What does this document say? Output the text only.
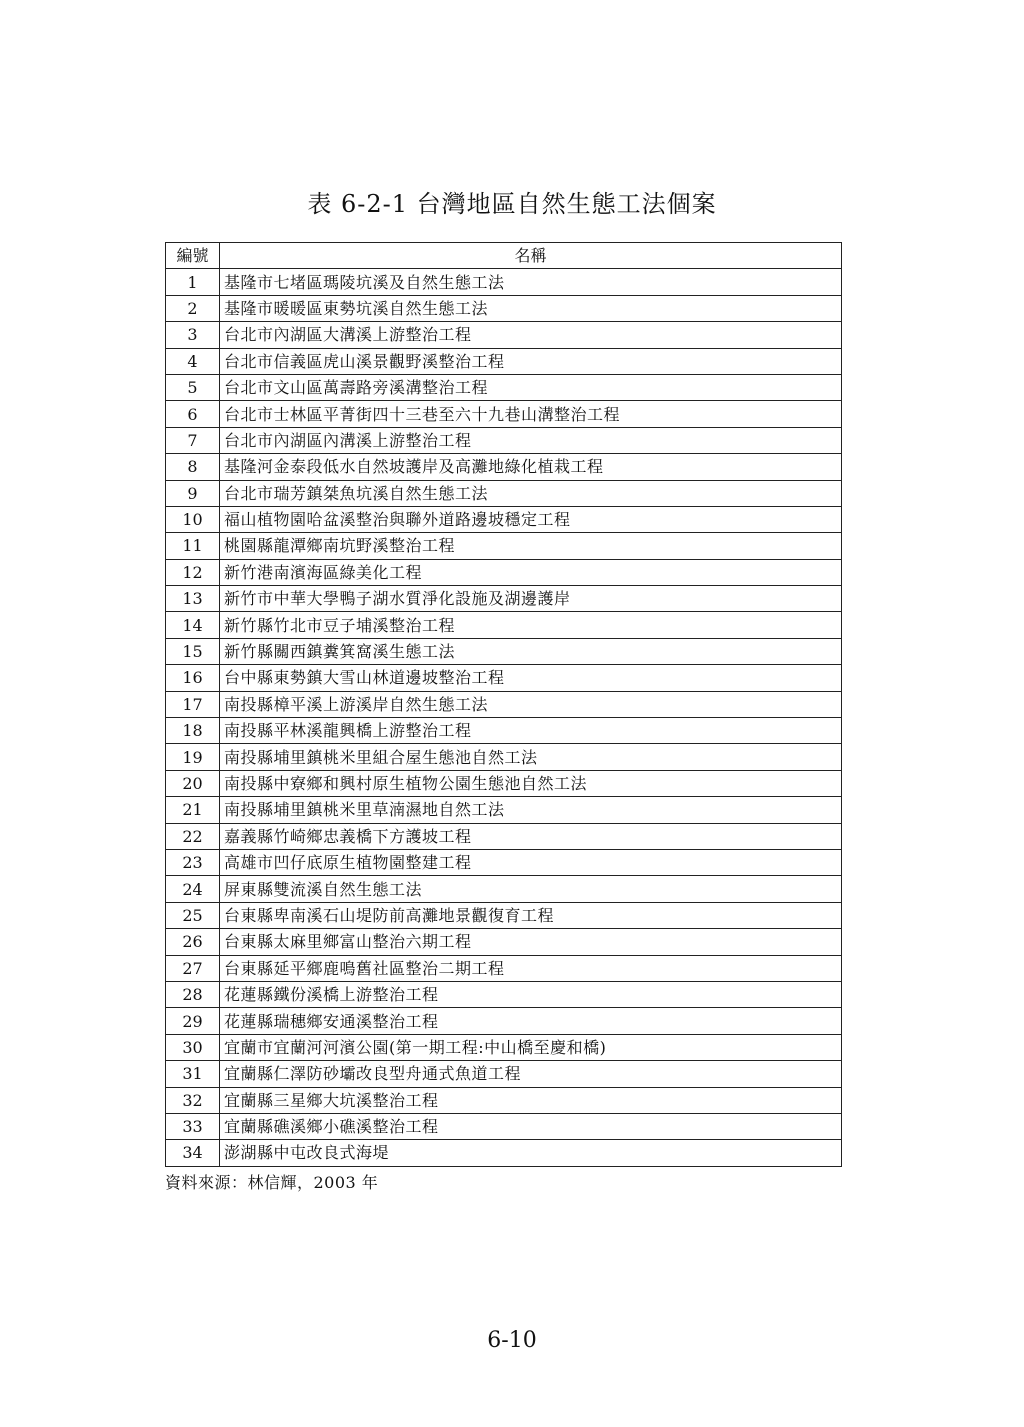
表 6-2-1 台灣地區自然生態工法個案
編號	名稱
1	基隆市七堵區瑪陵坑溪及自然生態工法
2	基隆市暖暖區東勢坑溪自然生態工法
3	台北市內湖區大溝溪上游整治工程
4	台北市信義區虎山溪景觀野溪整治工程
5	台北市文山區萬壽路旁溪溝整治工程
6	台北市士林區平菁街四十三巷至六十九巷山溝整治工程
7	台北市內湖區內溝溪上游整治工程
8	基隆河金泰段低水自然坡護岸及高灘地綠化植栽工程
9	台北市瑞芳鎮桀魚坑溪自然生態工法
10	福山植物園哈盆溪整治與聯外道路邊坡穩定工程
11	桃園縣龍潭鄉南坑野溪整治工程
12	新竹港南濱海區綠美化工程
13	新竹市中華大學鴨子湖水質淨化設施及湖邊護岸
14	新竹縣竹北市豆子埔溪整治工程
15	新竹縣關西鎮糞箕窩溪生態工法
16	台中縣東勢鎮大雪山林道邊坡整治工程
17	南投縣樟平溪上游溪岸自然生態工法
18	南投縣平林溪龍興橋上游整治工程
19	南投縣埔里鎮桃米里組合屋生態池自然工法
20	南投縣中寮鄉和興村原生植物公園生態池自然工法
21	南投縣埔里鎮桃米里草湳濕地自然工法
22	嘉義縣竹崎鄉忠義橋下方護坡工程
23	高雄市凹仔底原生植物園整建工程
24	屏東縣雙流溪自然生態工法
25	台東縣卑南溪石山堤防前高灘地景觀復育工程
26	台東縣太麻里鄉富山整治六期工程
27	台東縣延平鄉鹿鳴舊社區整治二期工程
28	花蓮縣鐵份溪橋上游整治工程
29	花蓮縣瑞穗鄉安通溪整治工程
30	宜蘭市宜蘭河河濱公園(第一期工程:中山橋至慶和橋)
31	宜蘭縣仁澤防砂壩改良型舟通式魚道工程
32	宜蘭縣三星鄉大坑溪整治工程
33	宜蘭縣礁溪鄉小礁溪整治工程
34	澎湖縣中屯改良式海堤
資料來源：林信輝，2003 年
6-10
